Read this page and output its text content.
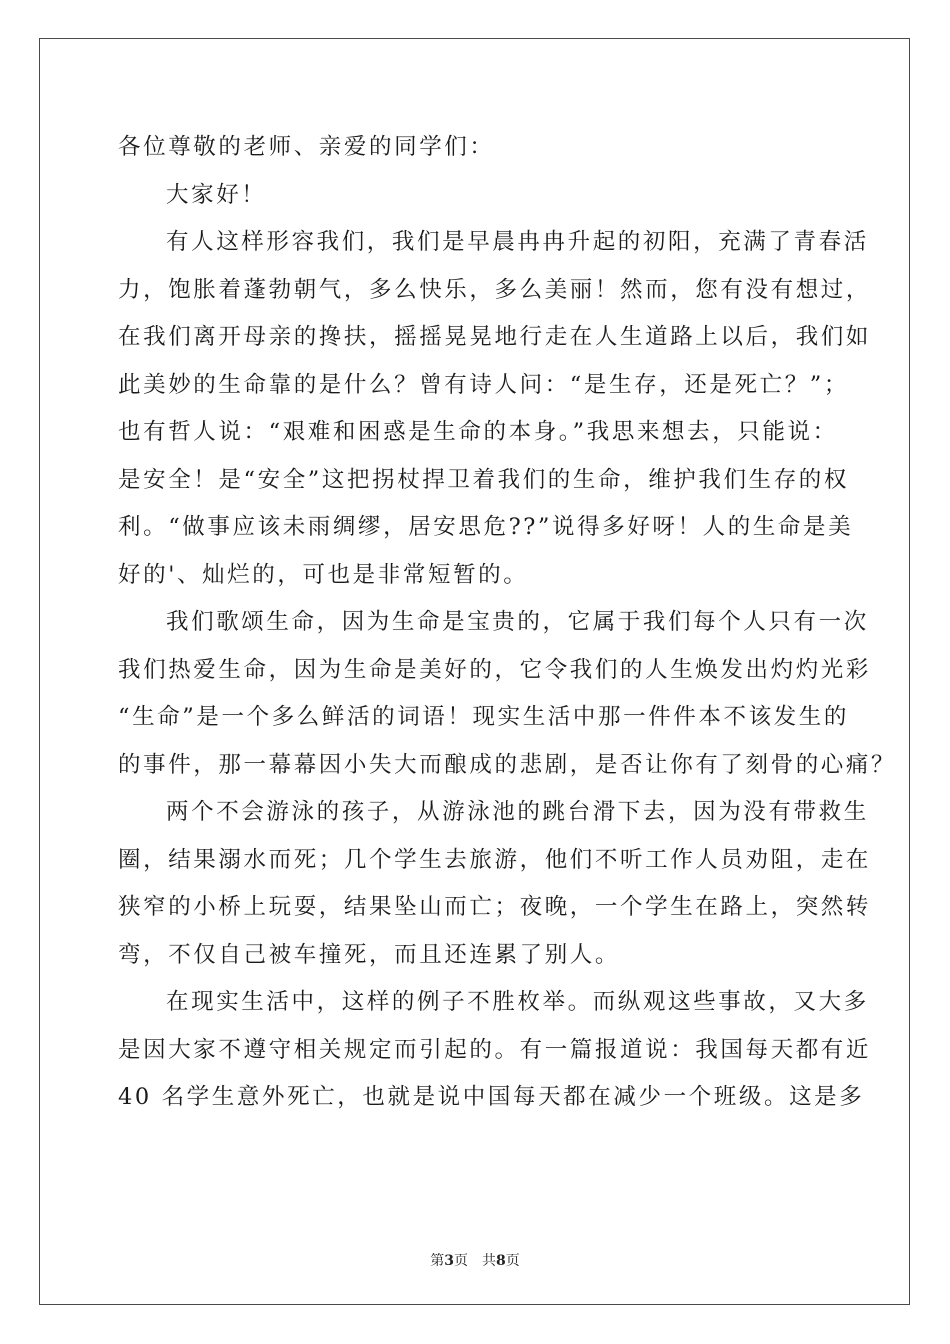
各位尊敬的老师、亲爱的同学们：
大家好！
有人这样形容我们，我们是早晨冉冉升起的初阳，充满了青春活
力，饱胀着蓬勃朝气，多么快乐，多么美丽！然而，您有没有想过，
在我们离开母亲的搀扶，摇摇晃晃地行走在人生道路上以后，我们如
此美妙的生命靠的是什么？曾有诗人问：“是生存，还是死亡？”；
也有哲人说：“艰难和困惑是生命的本身。”我思来想去，只能说：
是安全！是“安全”这把拐杖捍卫着我们的生命，维护我们生存的权
利。“做事应该未雨绸缪，居安思危??”说得多好呀！人的生命是美
好的'、灿烂的，可也是非常短暂的。
我们歌颂生命，因为生命是宝贵的，它属于我们每个人只有一次
我们热爱生命，因为生命是美好的，它令我们的人生焕发出灼灼光彩
“生命”是一个多么鲜活的词语！现实生活中那一件件本不该发生的
的事件，那一幕幕因小失大而酿成的悲剧，是否让你有了刻骨的心痛？
两个不会游泳的孩子，从游泳池的跳台滑下去，因为没有带救生
圈，结果溺水而死；几个学生去旅游，他们不听工作人员劝阻，走在
狭窄的小桥上玩耍，结果坠山而亡；夜晚，一个学生在路上，突然转
弯，不仅自己被车撞死，而且还连累了别人。
在现实生活中，这样的例子不胜枚举。而纵观这些事故，又大多
是因大家不遵守相关规定而引起的。有一篇报道说：我国每天都有近
40 名学生意外死亡，也就是说中国每天都在减少一个班级。这是多
第3页　共8页
